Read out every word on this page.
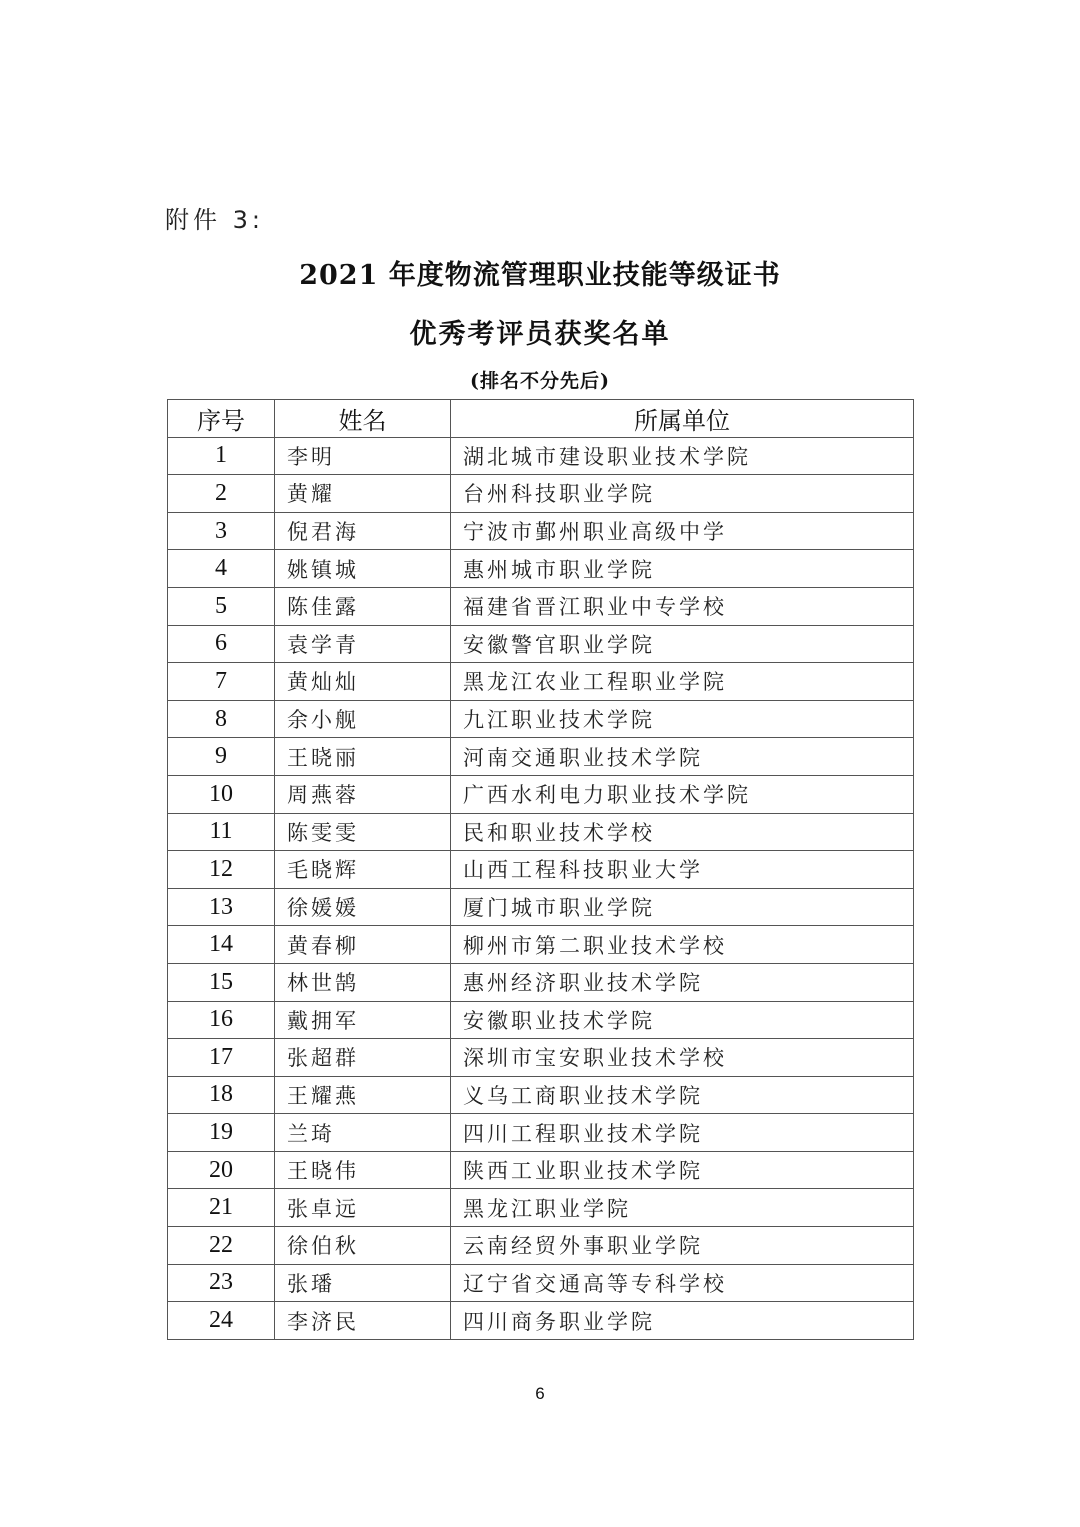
附件 3:
2021 年度物流管理职业技能等级证书
优秀考评员获奖名单
(排名不分先后)
序号	姓名	所属单位
1	李明	湖北城市建设职业技术学院
2	黄耀	台州科技职业学院
3	倪君海	宁波市鄞州职业高级中学
4	姚镇城	惠州城市职业学院
5	陈佳露	福建省晋江职业中专学校
6	袁学青	安徽警官职业学院
7	黄灿灿	黑龙江农业工程职业学院
8	余小舰	九江职业技术学院
9	王晓丽	河南交通职业技术学院
10	周燕蓉	广西水利电力职业技术学院
11	陈雯雯	民和职业技术学校
12	毛晓辉	山西工程科技职业大学
13	徐媛媛	厦门城市职业学院
14	黄春柳	柳州市第二职业技术学校
15	林世鹄	惠州经济职业技术学院
16	戴拥军	安徽职业技术学院
17	张超群	深圳市宝安职业技术学校
18	王耀燕	义乌工商职业技术学院
19	兰琦	四川工程职业技术学院
20	王晓伟	陕西工业职业技术学院
21	张卓远	黑龙江职业学院
22	徐伯秋	云南经贸外事职业学院
23	张璠	辽宁省交通高等专科学校
24	李济民	四川商务职业学院
6
